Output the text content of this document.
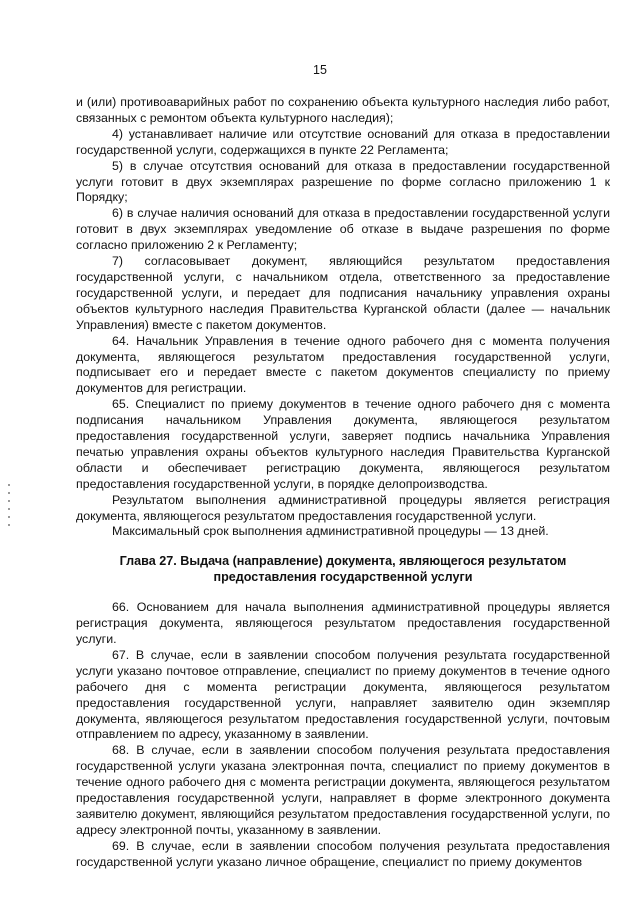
15

и (или) противоаварийных работ по сохранению объекта культурного наследия либо работ, связанных с ремонтом объекта культурного наследия);

4) устанавливает наличие или отсутствие оснований для отказа в предоставлении государственной услуги, содержащихся в пункте 22 Регламента;

5) в случае отсутствия оснований для отказа в предоставлении государственной услуги готовит в двух экземплярах разрешение по форме согласно приложению 1 к Порядку;

6) в случае наличия оснований для отказа в предоставлении государственной услуги готовит в двух экземплярах уведомление об отказе в выдаче разрешения по форме согласно приложению 2 к Регламенту;

7) согласовывает документ, являющийся результатом предоставления государственной услуги, с начальником отдела, ответственного за предоставление государственной услуги, и передает для подписания начальнику управления охраны объектов культурного наследия Правительства Курганской области (далее — начальник Управления) вместе с пакетом документов.

64. Начальник Управления в течение одного рабочего дня с момента получения документа, являющегося результатом предоставления государственной услуги, подписывает его и передает вместе с пакетом документов специалисту по приему документов для регистрации.

65. Специалист по приему документов в течение одного рабочего дня с момента подписания начальником Управления документа, являющегося результатом предоставления государственной услуги, заверяет подпись начальника Управления печатью управления охраны объектов культурного наследия Правительства Курганской области и обеспечивает регистрацию документа, являющегося результатом предоставления государственной услуги, в порядке делопроизводства.

Результатом выполнения административной процедуры является регистрация документа, являющегося результатом предоставления государственной услуги.

Максимальный срок выполнения административной процедуры — 13 дней.

Глава 27. Выдача (направление) документа, являющегося результатом предоставления государственной услуги

66. Основанием для начала выполнения административной процедуры является регистрация документа, являющегося результатом предоставления государственной услуги.

67. В случае, если в заявлении способом получения результата государственной услуги указано почтовое отправление, специалист по приему документов в течение одного рабочего дня с момента регистрации документа, являющегося результатом предоставления государственной услуги, направляет заявителю один экземпляр документа, являющегося результатом предоставления государственной услуги, почтовым отправлением по адресу, указанному в заявлении.

68. В случае, если в заявлении способом получения результата предоставления государственной услуги указана электронная почта, специалист по приему документов в течение одного рабочего дня с момента регистрации документа, являющегося результатом предоставления государственной услуги, направляет в форме электронного документа заявителю документ, являющийся результатом предоставления государственной услуги, по адресу электронной почты, указанному в заявлении.

69. В случае, если в заявлении способом получения результата предоставления государственной услуги указано личное обращение, специалист по приему документов
